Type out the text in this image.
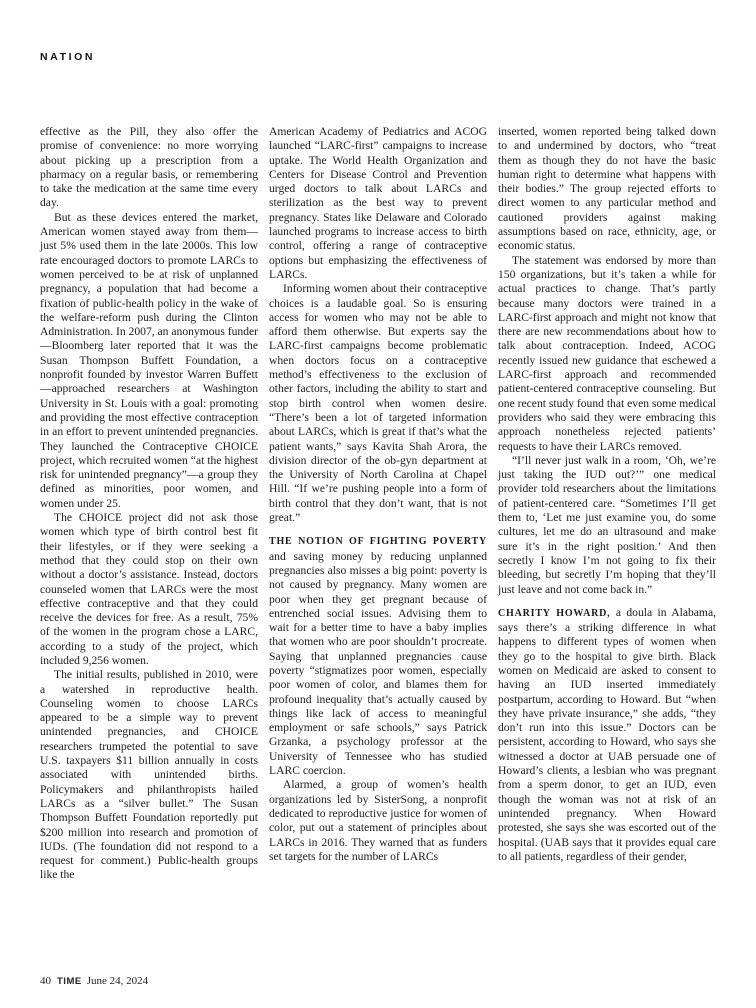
NATION

effective as the Pill, they also offer the promise of convenience: no more worrying about picking up a prescription from a pharmacy on a regular basis, or remembering to take the medication at the same time every day.

But as these devices entered the market, American women stayed away from them—just 5% used them in the late 2000s. This low rate encouraged doctors to promote LARCs to women perceived to be at risk of unplanned pregnancy, a population that had become a fixation of public-health policy in the wake of the welfare-reform push during the Clinton Administration. In 2007, an anonymous funder—Bloomberg later reported that it was the Susan Thompson Buffett Foundation, a nonprofit founded by investor Warren Buffett—approached researchers at Washington University in St. Louis with a goal: promoting and providing the most effective contraception in an effort to prevent unintended pregnancies. They launched the Contraceptive CHOICE project, which recruited women “at the highest risk for unintended pregnancy”—a group they defined as minorities, poor women, and women under 25.

The CHOICE project did not ask those women which type of birth control best fit their lifestyles, or if they were seeking a method that they could stop on their own without a doctor’s assistance. Instead, doctors counseled women that LARCs were the most effective contraceptive and that they could receive the devices for free. As a result, 75% of the women in the program chose a LARC, according to a study of the project, which included 9,256 women.

The initial results, published in 2010, were a watershed in reproductive health. Counseling women to choose LARCs appeared to be a simple way to prevent unintended pregnancies, and CHOICE researchers trumpeted the potential to save U.S. taxpayers $11 billion annually in costs associated with unintended births. Policymakers and philanthropists hailed LARCs as a “silver bullet.” The Susan Thompson Buffett Foundation reportedly put $200 million into research and promotion of IUDs. (The foundation did not respond to a request for comment.) Public-health groups like the

American Academy of Pediatrics and ACOG launched “LARC-first” campaigns to increase uptake. The World Health Organization and Centers for Disease Control and Prevention urged doctors to talk about LARCs and sterilization as the best way to prevent pregnancy. States like Delaware and Colorado launched programs to increase access to birth control, offering a range of contraceptive options but emphasizing the effectiveness of LARCs.

Informing women about their contraceptive choices is a laudable goal. So is ensuring access for women who may not be able to afford them otherwise. But experts say the LARC-first campaigns become problematic when doctors focus on a contraceptive method’s effectiveness to the exclusion of other factors, including the ability to start and stop birth control when women desire. “There’s been a lot of targeted information about LARCs, which is great if that’s what the patient wants,” says Kavita Shah Arora, the division director of the ob-gyn department at the University of North Carolina at Chapel Hill. “If we’re pushing people into a form of birth control that they don’t want, that is not great.”

THE NOTION OF FIGHTING POVERTY and saving money by reducing unplanned pregnancies also misses a big point: poverty is not caused by pregnancy. Many women are poor when they get pregnant because of entrenched social issues. Advising them to wait for a better time to have a baby implies that women who are poor shouldn’t procreate. Saying that unplanned pregnancies cause poverty “stigmatizes poor women, especially poor women of color, and blames them for profound inequality that’s actually caused by things like lack of access to meaningful employment or safe schools,” says Patrick Grzanka, a psychology professor at the University of Tennessee who has studied LARC coercion.

Alarmed, a group of women’s health organizations led by SisterSong, a nonprofit dedicated to reproductive justice for women of color, put out a statement of principles about LARCs in 2016. They warned that as funders set targets for the number of LARCs

inserted, women reported being talked down to and undermined by doctors, who “treat them as though they do not have the basic human right to determine what happens with their bodies.” The group rejected efforts to direct women to any particular method and cautioned providers against making assumptions based on race, ethnicity, age, or economic status.

The statement was endorsed by more than 150 organizations, but it’s taken a while for actual practices to change. That’s partly because many doctors were trained in a LARC-first approach and might not know that there are new recommendations about how to talk about contraception. Indeed, ACOG recently issued new guidance that eschewed a LARC-first approach and recommended patient-centered contraceptive counseling. But one recent study found that even some medical providers who said they were embracing this approach nonetheless rejected patients’ requests to have their LARCs removed.

“I’ll never just walk in a room, ‘Oh, we’re just taking the IUD out?’” one medical provider told researchers about the limitations of patient-centered care. “Sometimes I’ll get them to, ‘Let me just examine you, do some cultures, let me do an ultrasound and make sure it’s in the right position.’ And then secretly I know I’m not going to fix their bleeding, but secretly I’m hoping that they’ll just leave and not come back in.”

CHARITY HOWARD, a doula in Alabama, says there’s a striking difference in what happens to different types of women when they go to the hospital to give birth. Black women on Medicaid are asked to consent to having an IUD inserted immediately postpartum, according to Howard. But “when they have private insurance,” she adds, “they don’t run into this issue.” Doctors can be persistent, according to Howard, who says she witnessed a doctor at UAB persuade one of Howard’s clients, a lesbian who was pregnant from a sperm donor, to get an IUD, even though the woman was not at risk of an unintended pregnancy. When Howard protested, she says she was escorted out of the hospital. (UAB says that it provides equal care to all patients, regardless of their gender,

40 TIME June 24, 2024
